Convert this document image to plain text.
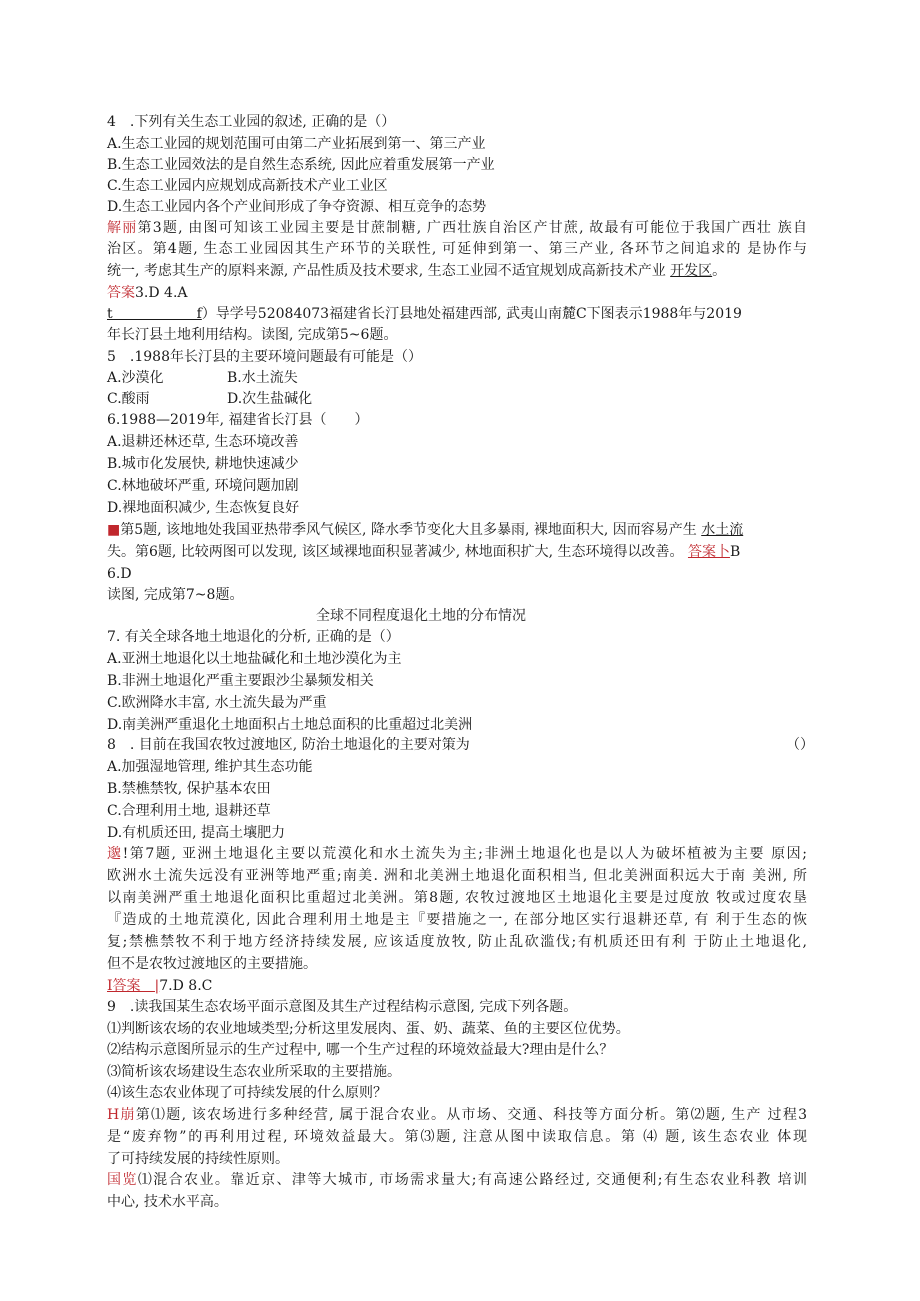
4　.下列有关生态工业园的叙述, 正确的是（）
A.生态工业园的规划范围可由第二产业拓展到第一、第三产业
B.生态工业园效法的是自然生态系统, 因此应着重发展第一产业
C.生态工业园内应规划成高新技术产业工业区
D.生态工业园内各个产业间形成了争夺资源、相互竞争的态势
解丽第3题, 由图可知该工业园主要是甘蔗制糖, 广西壮族自治区产甘蔗, 故最有可能位于我国广西壮 族自
治区。第4题, 生态工业园因其生产环节的关联性, 可延伸到第一、第三产业, 各环节之间追求的 是协作与
统一, 考虑其生产的原料来源, 产品性质及技术要求, 生态工业园不适宜规划成高新技术产业 开发区。
答案3.D 4.A
t　　　　　　f）导学号52084073福建省长汀县地处福建西部, 武夷山南麓C下图表示1988年与2019
年长汀县土地利用结构。读图, 完成第5~6题。
5　.1988年长汀县的主要环境问题最有可能是（）
A.沙漠化	B.水土流失
C.酸雨	D.次生盐碱化
6.1988—2019年, 福建省长汀县（　　）
A.退耕还林还草, 生态环境改善
B.城市化发展快, 耕地快速减少
C.林地破坏严重, 环境问题加剧
D.裸地面积减少, 生态恢复良好
■第5题, 该地地处我国亚热带季风气候区, 降水季节变化大且多暴雨, 裸地面积大, 因而容易产生 水土流
失。第6题, 比较两图可以发现, 该区域裸地面积显著减少, 林地面积扩大, 生态环境得以改善。 答案卜B
6.D
读图, 完成第7~8题。
全球不同程度退化土地的分布情况
7. 有关全球各地土地退化的分析, 正确的是（）
A.亚洲土地退化以土地盐碱化和土地沙漠化为主
B.非洲土地退化严重主要跟沙尘暴频发相关
C.欧洲降水丰富, 水土流失最为严重
D.南美洲严重退化土地面积占土地总面积的比重超过北美洲
8　. 目前在我国农牧过渡地区, 防治土地退化的主要对策为	（）
A.加强湿地管理, 维护其生态功能
B.禁樵禁牧, 保护基本农田
C.合理利用土地, 退耕还草
D.有机质还田, 提高土壤肥力
邈!第7题, 亚洲土地退化主要以荒漠化和水土流失为主;非洲土地退化也是以人为破坏植被为主要 原因;
欧洲水土流失远没有亚洲等地严重;南美. 洲和北美洲土地退化面积相当, 但北美洲面积远大于南 美洲, 所
以南美洲严重土地退化面积比重超过北美洲。第8题, 农牧过渡地区土地退化主要是过度放 牧或过度农垦
『造成的土地荒漠化, 因此合理利用土地是主『要措施之一, 在部分地区实行退耕还草, 有 利于生态的恢
复;禁樵禁牧不利于地方经济持续发展, 应该适度放牧, 防止乱砍滥伐;有机质还田有利 于防止土地退化,
但不是农牧过渡地区的主要措施。
I答案　|7.D 8.C
9　.读我国某生态农场平面示意图及其生产过程结构示意图, 完成下列各题。
⑴判断该农场的农业地域类型;分析这里发展肉、蛋、奶、蔬菜、鱼的主要区位优势。
⑵结构示意图所显示的生产过程中, 哪一个生产过程的环境效益最大?理由是什么？
⑶简析该农场建设生态农业所采取的主要措施。
⑷该生态农业体现了可持续发展的什么原则？
H崩第⑴题, 该农场进行多种经营, 属于混合农业。从市场、交通、科技等方面分析。第⑵题, 生产 过程3
是“废弃物”的再利用过程, 环境效益最大。第⑶题, 注意从图中读取信息。第 ⑷ 题, 该生态农业 体现
了可持续发展的持续性原则。
国览⑴混合农业。靠近京、津等大城市, 市场需求量大;有高速公路经过, 交通便利;有生态农业科教 培训
中心, 技术水平高。
